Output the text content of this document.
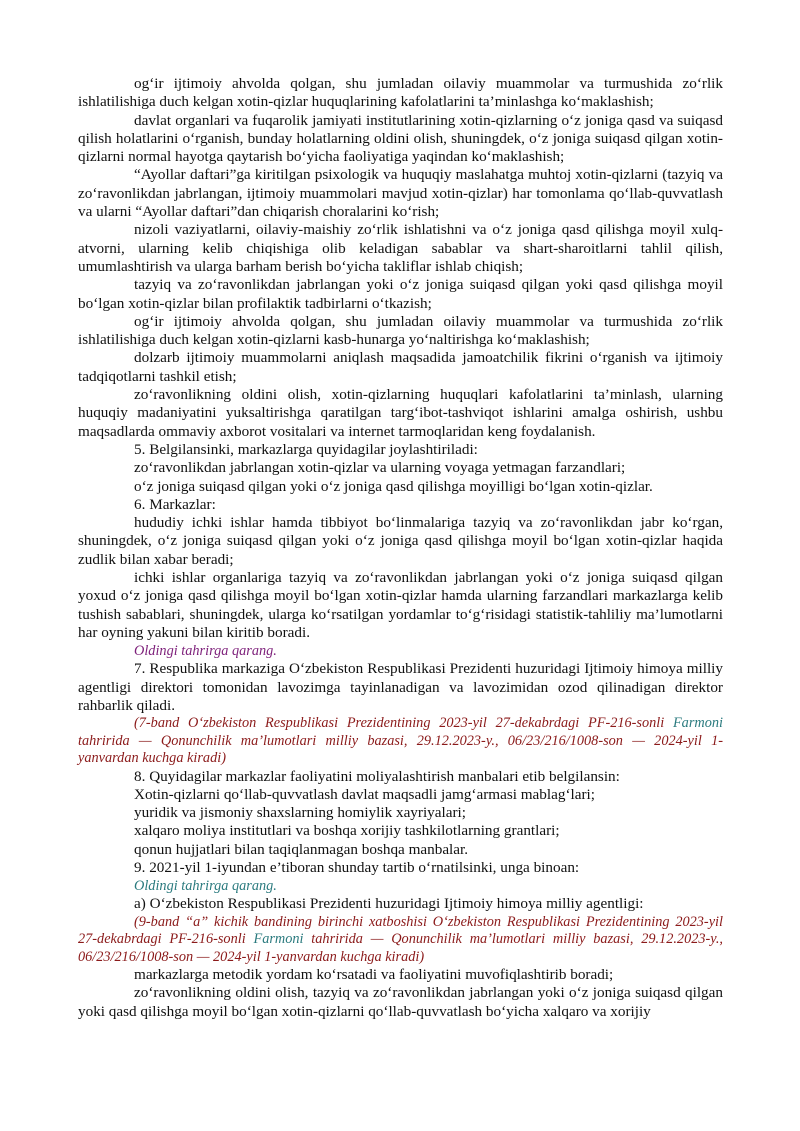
og‘ir ijtimoiy ahvolda qolgan, shu jumladan oilaviy muammolar va turmushida zo‘rlik ishlatilishiga duch kelgan xotin-qizlar huquqlarining kafolatlarini ta’minlashga ko‘maklashish;

davlat organlari va fuqarolik jamiyati institutlarining xotin-qizlarning o‘z joniga qasd va suiqasd qilish holatlarini o‘rganish, bunday holatlarning oldini olish, shuningdek, o‘z joniga suiqasd qilgan xotin-qizlarni normal hayotga qaytarish bo‘yicha faoliyatiga yaqindan ko‘maklashish;

“Ayollar daftari”ga kiritilgan psixologik va huquqiy maslahatga muhtoj xotin-qizlarni (tazyiq va zo‘ravonlikdan jabrlangan, ijtimoiy muammolari mavjud xotin-qizlar) har tomonlama qo‘llab-quvvatlash va ularni “Ayollar daftari”dan chiqarish choralarini ko‘rish;

nizoli vaziyatlarni, oilaviy-maishiy zo‘rlik ishlatishni va o‘z joniga qasd qilishga moyil xulq-atvorni, ularning kelib chiqishiga olib keladigan sabablar va shart-sharoitlarni tahlil qilish, umumlashtirish va ularga barham berish bo‘yicha takliflar ishlab chiqish;

tazyiq va zo‘ravonlikdan jabrlangan yoki o‘z joniga suiqasd qilgan yoki qasd qilishga moyil bo‘lgan xotin-qizlar bilan profilaktik tadbirlarni o‘tkazish;

og‘ir ijtimoiy ahvolda qolgan, shu jumladan oilaviy muammolar va turmushida zo‘rlik ishlatilishiga duch kelgan xotin-qizlarni kasb-hunarga yo‘naltirishga ko‘maklashish;

dolzarb ijtimoiy muammolarni aniqlash maqsadida jamoatchilik fikrini o‘rganish va ijtimoiy tadqiqotlarni tashkil etish;

zo‘ravonlikning oldini olish, xotin-qizlarning huquqlari kafolatlarini ta’minlash, ularning huquqiy madaniyatini yuksaltirishga qaratilgan targ‘ibot-tashviqot ishlarini amalga oshirish, ushbu maqsadlarda ommaviy axborot vositalari va internet tarmoqlaridan keng foydalanish.

5. Belgilansinki, markazlarga quyidagilar joylashtiriladi:

zo‘ravonlikdan jabrlangan xotin-qizlar va ularning voyaga yetmagan farzandlari;

o‘z joniga suiqasd qilgan yoki o‘z joniga qasd qilishga moyilligi bo‘lgan xotin-qizlar.

6. Markazlar:

hududiy ichki ishlar hamda tibbiyot bo‘linmalariga tazyiq va zo‘ravonlikdan jabr ko‘rgan, shuningdek, o‘z joniga suiqasd qilgan yoki o‘z joniga qasd qilishga moyil bo‘lgan xotin-qizlar haqida zudlik bilan xabar beradi;

ichki ishlar organlariga tazyiq va zo‘ravonlikdan jabrlangan yoki o‘z joniga suiqasd qilgan yoxud o‘z joniga qasd qilishga moyil bo‘lgan xotin-qizlar hamda ularning farzandlari markazlarga kelib tushish sabablari, shuningdek, ularga ko‘rsatilgan yordamlar to‘g‘risidagi statistik-tahliliy ma’lumotlarni har oyning yakuni bilan kiritib boradi.

Oldingi tahrirga qarang.

7. Respublika markaziga O‘zbekiston Respublikasi Prezidenti huzuridagi Ijtimoiy himoya milliy agentligi direktori tomonidan lavozimga tayinlanadigan va lavozimidan ozod qilinadigan direktor rahbarlik qiladi.

(7-band O‘zbekiston Respublikasi Prezidentining 2023-yil 27-dekabrdagi PF-216-sonli Farmoni tahririda — Qonunchilik ma’lumotlari milliy bazasi, 29.12.2023-y., 06/23/216/1008-son — 2024-yil 1-yanvardan kuchga kiradi)

8. Quyidagilar markazlar faoliyatini moliyalashtirish manbalari etib belgilansin:

Xotin-qizlarni qo‘llab-quvvatlash davlat maqsadli jamg‘armasi mablag‘lari;

yuridik va jismoniy shaxslarning homiylik xayriyalari;

xalqaro moliya institutlari va boshqa xorijiy tashkilotlarning grantlari;

qonun hujjatlari bilan taqiqlanmagan boshqa manbalar.

9. 2021-yil 1-iyundan e’tiboran shunday tartib o‘rnatilsinki, unga binoan:

Oldingi tahrirga qarang.

a) O‘zbekiston Respublikasi Prezidenti huzuridagi Ijtimoiy himoya milliy agentligi:

(9-band “a” kichik bandining birinchi xatboshisi O‘zbekiston Respublikasi Prezidentining 2023-yil 27-dekabrdagi PF-216-sonli Farmoni tahririda — Qonunchilik ma’lumotlari milliy bazasi, 29.12.2023-y., 06/23/216/1008-son — 2024-yil 1-yanvardan kuchga kiradi)

markazlarga metodik yordam ko‘rsatadi va faoliyatini muvofiqlashtirib boradi;

zo‘ravonlikning oldini olish, tazyiq va zo‘ravonlikdan jabrlangan yoki o‘z joniga suiqasd qilgan yoki qasd qilishga moyil bo‘lgan xotin-qizlarni qo‘llab-quvvatlash bo‘yicha xalqaro va xorijiy
